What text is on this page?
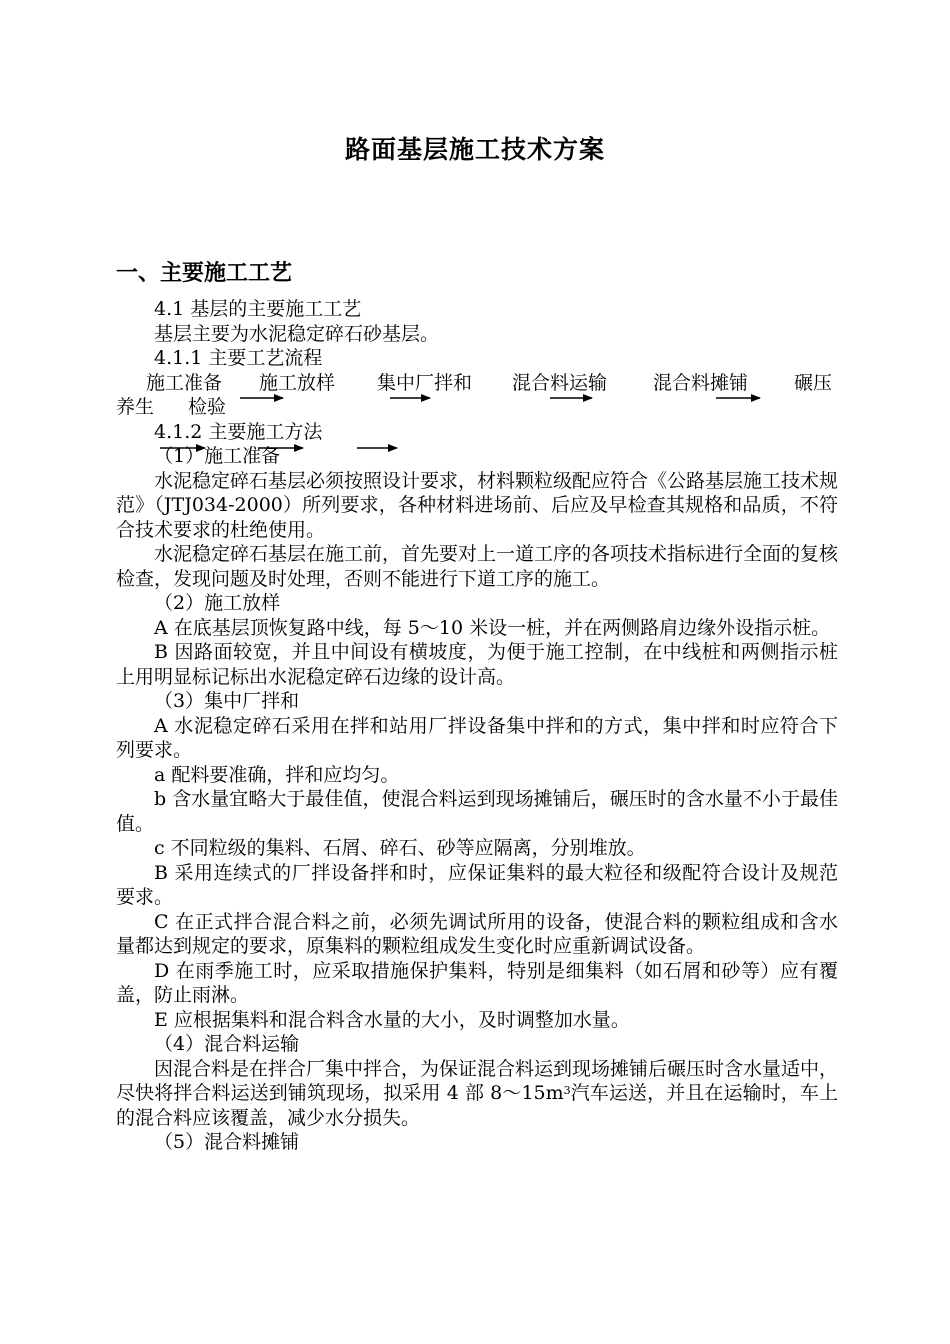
路面基层施工技术方案
一、主要施工工艺

4.1 基层的主要施工工艺

基层主要为水泥稳定碎石砂基层。

4.1.1 主要工艺流程

施工准备 施工放样 集中厂拌和 混合料运输 混合料摊铺 碾压
养生 检验

4.1.2 主要施工方法

（1）施工准备

水泥稳定碎石基层必须按照设计要求，材料颗粒级配应符合《公路基层施工技术规范》（JTJ034-2000）所列要求，各种材料进场前、后应及早检查其规格和品质，不符合技术要求的杜绝使用。

水泥稳定碎石基层在施工前，首先要对上一道工序的各项技术指标进行全面的复核检查，发现问题及时处理，否则不能进行下道工序的施工。

（2）施工放样

A 在底基层顶恢复路中线，每 5～10 米设一桩，并在两侧路肩边缘外设指示桩。

B 因路面较宽，并且中间设有横坡度，为便于施工控制，在中线桩和两侧指示桩上用明显标记标出水泥稳定碎石边缘的设计高。

（3）集中厂拌和

A 水泥稳定碎石采用在拌和站用厂拌设备集中拌和的方式，集中拌和时应符合下列要求。

a 配料要准确，拌和应均匀。

b 含水量宜略大于最佳值，使混合料运到现场摊铺后，碾压时的含水量不小于最佳值。

c 不同粒级的集料、石屑、碎石、砂等应隔离，分别堆放。

B 采用连续式的厂拌设备拌和时，应保证集料的最大粒径和级配符合设计及规范要求。

C 在正式拌合混合料之前，必须先调试所用的设备，使混合料的颗粒组成和含水量都达到规定的要求，原集料的颗粒组成发生变化时应重新调试设备。

D 在雨季施工时，应采取措施保护集料，特别是细集料（如石屑和砂等）应有覆盖，防止雨淋。

E 应根据集料和混合料含水量的大小，及时调整加水量。

（4）混合料运输

因混合料是在拌合厂集中拌合，为保证混合料运到现场摊铺后碾压时含水量适中，尽快将拌合料运送到铺筑现场，拟采用 4 部 $8\sim 15m^3$汽车运送，并且在运输时，车上的混合料应该覆盖，减少水分损失。

（5）混合料摊铺
